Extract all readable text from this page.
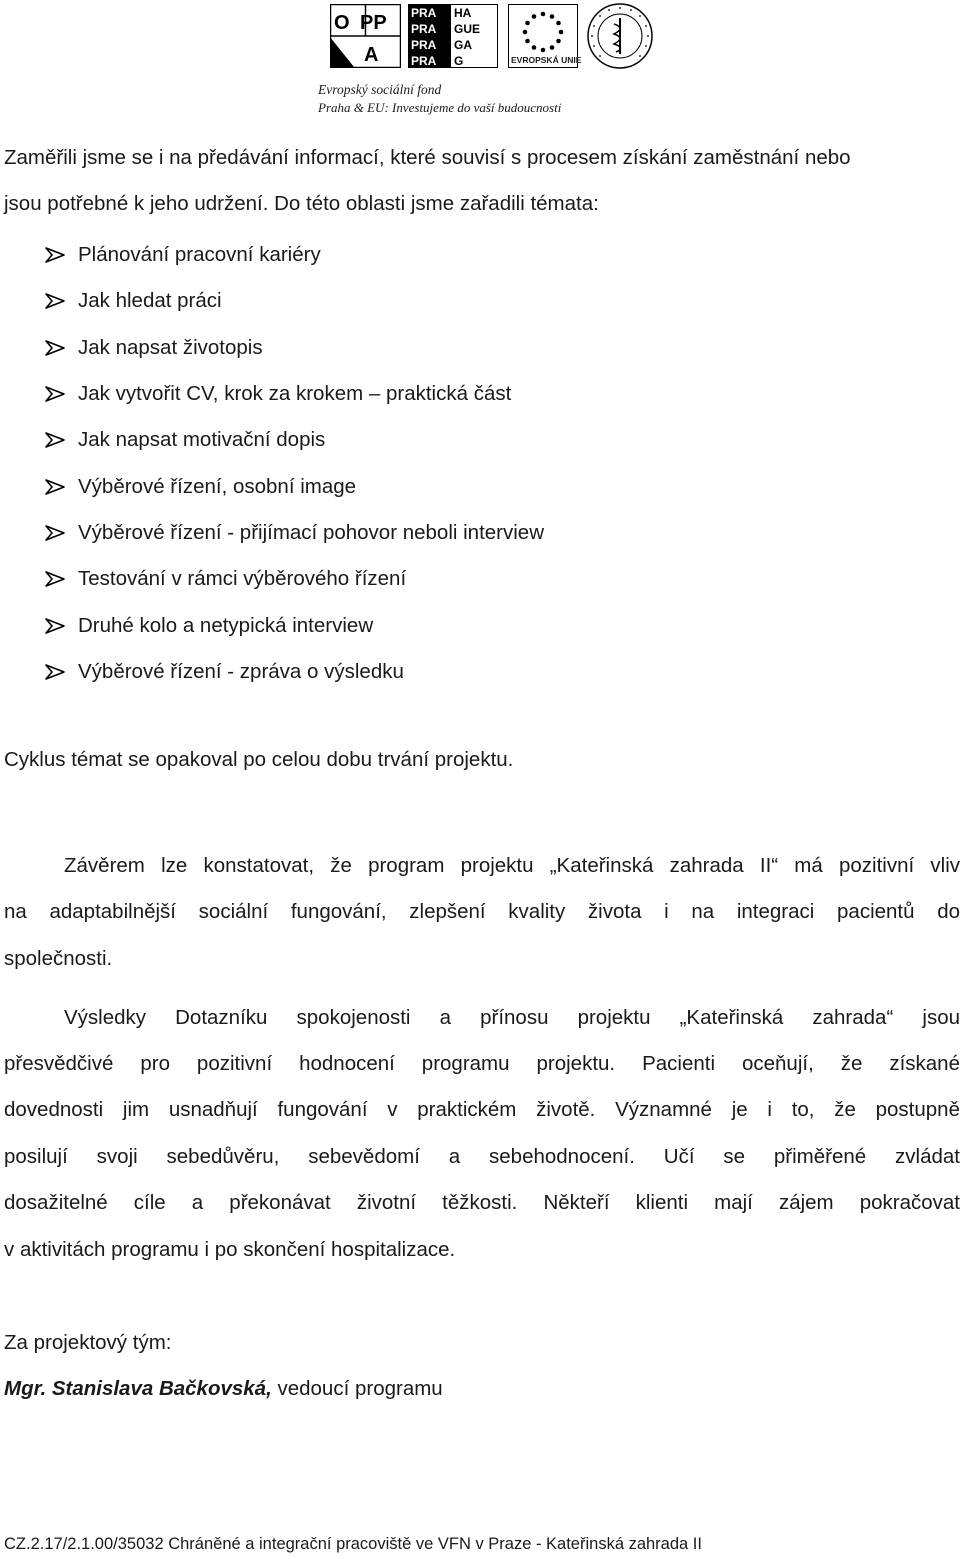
O PP
A
PRA
PRA
PRA
PRA
HA
GUE
GA
G	EVROPSKÁ UNIE
Evropský sociální fond
Praha & EU: Investujeme do vaší budoucnosti
Zaměřili jsme se i na předávání informací, které souvisí s procesem získání zaměstnání nebo
jsou potřebné k jeho udržení. Do této oblasti jsme zařadili témata:
Plánování pracovní kariéry
Jak hledat práci
Jak napsat životopis
Jak vytvořit CV, krok za krokem – praktická část
Jak napsat motivační dopis
Výběrové řízení, osobní image
Výběrové řízení - přijímací pohovor neboli interview
Testování v rámci výběrového řízení
Druhé kolo a netypická interview
Výběrové řízení - zpráva o výsledku
Cyklus témat se opakoval po celou dobu trvání projektu.
Závěrem lze konstatovat, že program projektu „Kateřinská zahrada II“ má pozitivní vliv
na adaptabilnější sociální fungování, zlepšení kvality života i na integraci pacientů do
společnosti.
Výsledky Dotazníku spokojenosti a přínosu projektu „Kateřinská zahrada“ jsou
přesvědčivé pro pozitivní hodnocení programu projektu. Pacienti oceňují, že získané
dovednosti jim usnadňují fungování v praktickém životě. Významné je i to, že postupně
posilují svoji sebedůvěru, sebevědomí a sebehodnocení. Učí se přiměřené zvládat
dosažitelné cíle a překonávat životní těžkosti. Někteří klienti mají zájem pokračovat
v aktivitách programu i po skončení hospitalizace.
Za projektový tým:
Mgr. Stanislava Bačkovská, vedoucí programu
CZ.2.17/2.1.00/35032 Chráněné a integrační pracoviště ve VFN v Praze - Kateřinská zahrada II
